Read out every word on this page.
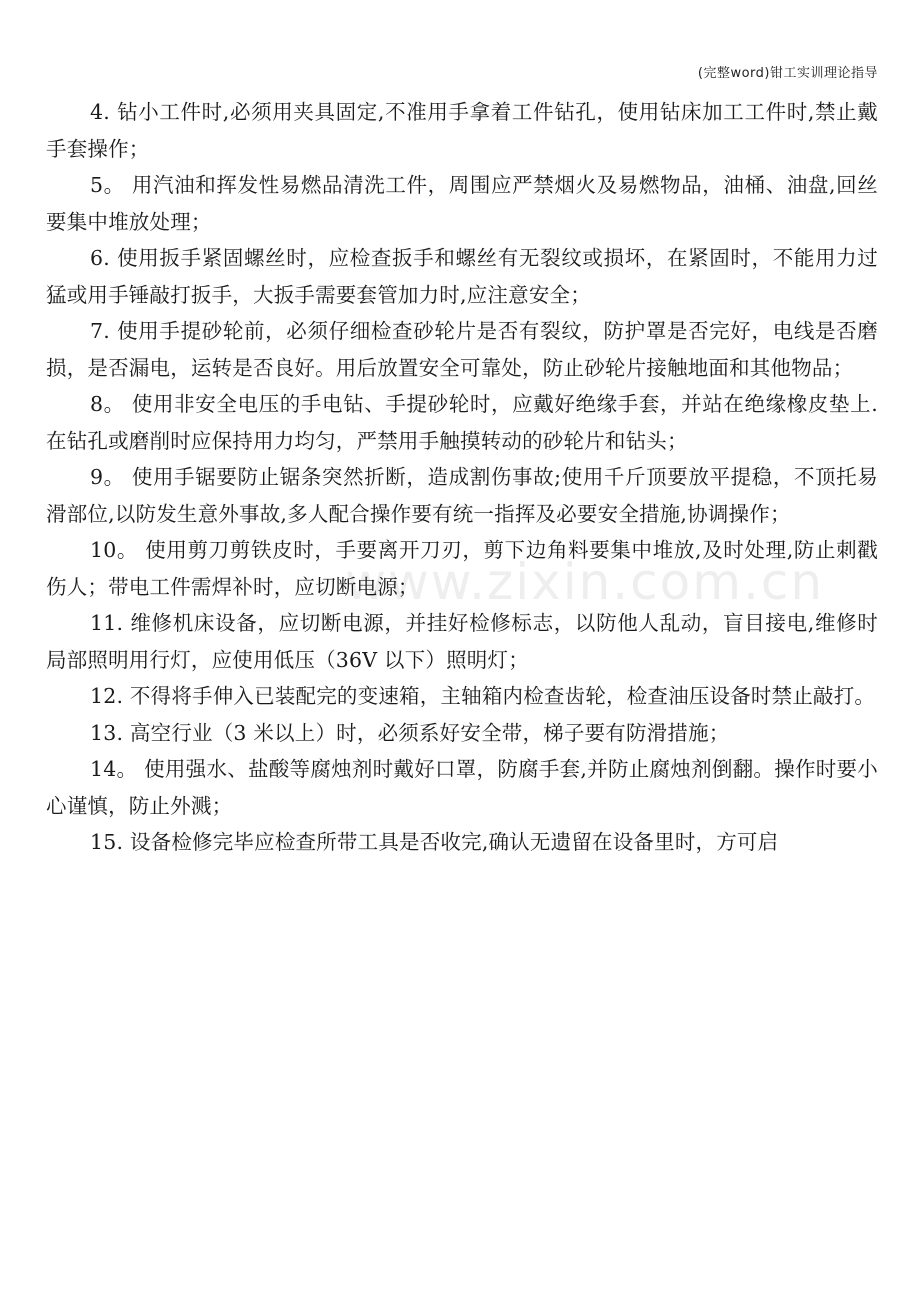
(完整word)钳工实训理论指导
www.zixin.com.cn

4. 钻小工件时,必须用夹具固定,不准用手拿着工件钻孔，使用钻床加工工件时,禁止戴手套操作；

5。 用汽油和挥发性易燃品清洗工件，周围应严禁烟火及易燃物品，油桶、油盘,回丝要集中堆放处理；

6. 使用扳手紧固螺丝时，应检查扳手和螺丝有无裂纹或损坏，在紧固时，不能用力过猛或用手锤敲打扳手，大扳手需要套管加力时,应注意安全；

7. 使用手提砂轮前，必须仔细检查砂轮片是否有裂纹，防护罩是否完好，电线是否磨损，是否漏电，运转是否良好。用后放置安全可靠处，防止砂轮片接触地面和其他物品；

8。 使用非安全电压的手电钻、手提砂轮时，应戴好绝缘手套，并站在绝缘橡皮垫上.在钻孔或磨削时应保持用力均匀，严禁用手触摸转动的砂轮片和钻头；

9。 使用手锯要防止锯条突然折断，造成割伤事故;使用千斤顶要放平提稳，不顶托易滑部位,以防发生意外事故,多人配合操作要有统一指挥及必要安全措施,协调操作；

10。 使用剪刀剪铁皮时，手要离开刀刃，剪下边角料要集中堆放,及时处理,防止刺戳伤人；带电工件需焊补时，应切断电源；

11. 维修机床设备，应切断电源，并挂好检修标志，以防他人乱动，盲目接电,维修时局部照明用行灯，应使用低压（36V 以下）照明灯；

12. 不得将手伸入已装配完的变速箱，主轴箱内检查齿轮，检查油压设备时禁止敲打。

13. 高空行业（3 米以上）时，必须系好安全带，梯子要有防滑措施；

14。 使用强水、盐酸等腐烛剂时戴好口罩，防腐手套,并防止腐烛剂倒翻。操作时要小心谨慎，防止外溅；

15. 设备检修完毕应检查所带工具是否收完,确认无遗留在设备里时，方可启
